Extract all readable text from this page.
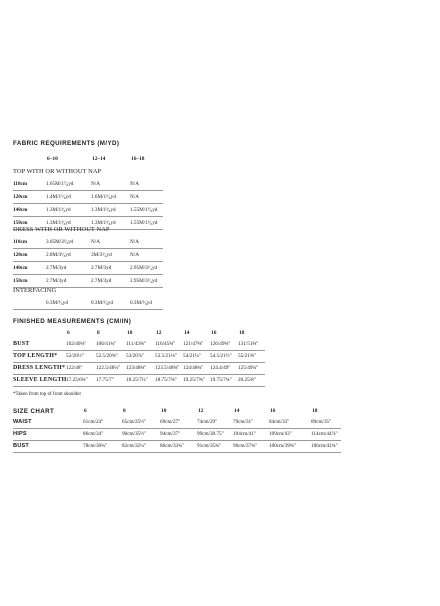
FABRIC REQUIREMENTS (M/YD)
6–10	12–14	16–18
TOP WITH OR WITHOUT NAP
110cm	1.65M/1⁷⁄₈yd	N/A	N/A
120cm	1.4M/1⁵⁄₈yd	1.6M/1⁵⁄₈yd	N/A
140cm	1.3M/1³⁄₈yd	1.3M/1³⁄₈yd	1.55M/1⁵⁄₈yd
150cm	1.3M/1³⁄₈yd	1.3M/1³⁄₈yd	1.55M/1⁵⁄₈yd
DRESS WITH OR WITHOUT NAP
110cm	3.05M/3³⁄₈yd	N/A	N/A
120cm	2.8M/3¹⁄₈yd	3M/3¹⁄₄yd	N/A
140cm	2.7M/3yd	2.7M/3yd	2.95M/3¹⁄₄yd
150cm	2.7M/3yd	2.7M/3yd	2.95M/3¹⁄₄yd
INTERFACING
0.3M/³⁄₈yd	0.3M/³⁄₈yd	0.3M/³⁄₈yd
FINISHED MEASUREMENTS (CM/IN)
6	8	10	12	14	16	18
BUST	102/40⅛" 106/41¾" 111/43⅝" 116/45⅝" 121/47⅝" 126/49⅝" 131/51⅝"
TOP LENGTH* 52/20½" 52.5/20⅝" 53/20⅞" 53.5/21⅛" 54/21¼" 54.5/21½" 55/21⅝"
DRESS LENGTH* 122/48"	122.5/48¼" 123/48⅜" 123.5/48⅝" 124/48¾" 124.4/49" 125/49¼"
SLEEVE LENGTH 17.25/6¾" 17.75/7" 18.25/7¼" 18.75/7⅜" 19.25/7⅝" 19.75/7¾" 20.25/8"
*Taken from top of front shoulder
SIZE CHART	6	8	10	12	14	16	18
WAIST	61cm/24"	65cm/25½"	69cm/27"	74cm/29"	79cm/31"	84cm/33"	89cm/35"
HIPS	86cm/34"	90cm/35½"	94cm/37"	99cm/38.75" 104cm/41"	109cm/43"	114cm/44⅞"
BUST	78cm/30¾"	82cm/32¼"	86cm/33¾" 91cm/35¾" 96cm/37¾" 100cm/39⅜"	106cm/41¾"
